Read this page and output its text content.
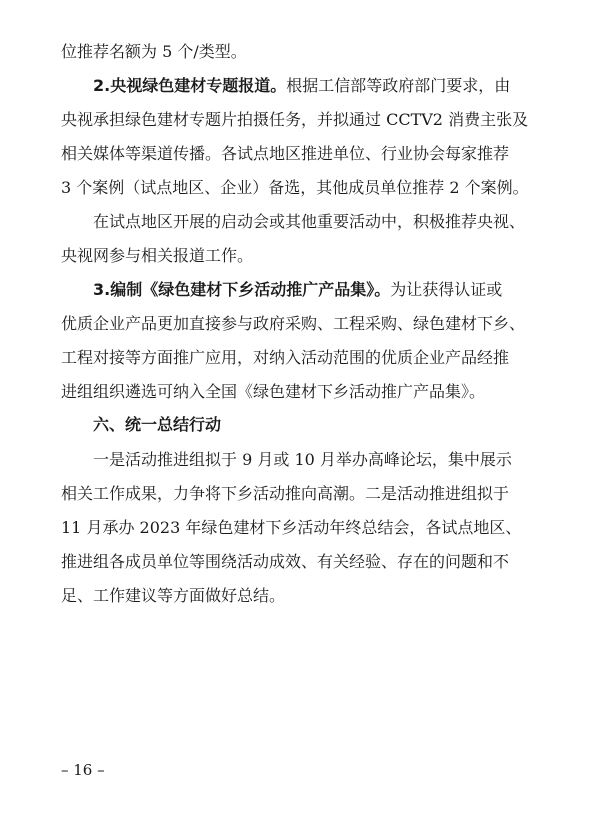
位推荐名额为 5 个/类型。
2.央视绿色建材专题报道。根据工信部等政府部门要求，由
央视承担绿色建材专题片拍摄任务，并拟通过 CCTV2 消费主张及
相关媒体等渠道传播。各试点地区推进单位、行业协会每家推荐
3 个案例（试点地区、企业）备选，其他成员单位推荐 2 个案例。
在试点地区开展的启动会或其他重要活动中，积极推荐央视、
央视网参与相关报道工作。
3.编制《绿色建材下乡活动推广产品集》。为让获得认证或
优质企业产品更加直接参与政府采购、工程采购、绿色建材下乡、
工程对接等方面推广应用，对纳入活动范围的优质企业产品经推
进组组织遴选可纳入全国《绿色建材下乡活动推广产品集》。
六、统一总结行动
一是活动推进组拟于 9 月或 10 月举办高峰论坛，集中展示
相关工作成果，力争将下乡活动推向高潮。二是活动推进组拟于
11 月承办 2023 年绿色建材下乡活动年终总结会，各试点地区、
推进组各成员单位等围绕活动成效、有关经验、存在的问题和不
足、工作建议等方面做好总结。
– 16 –
